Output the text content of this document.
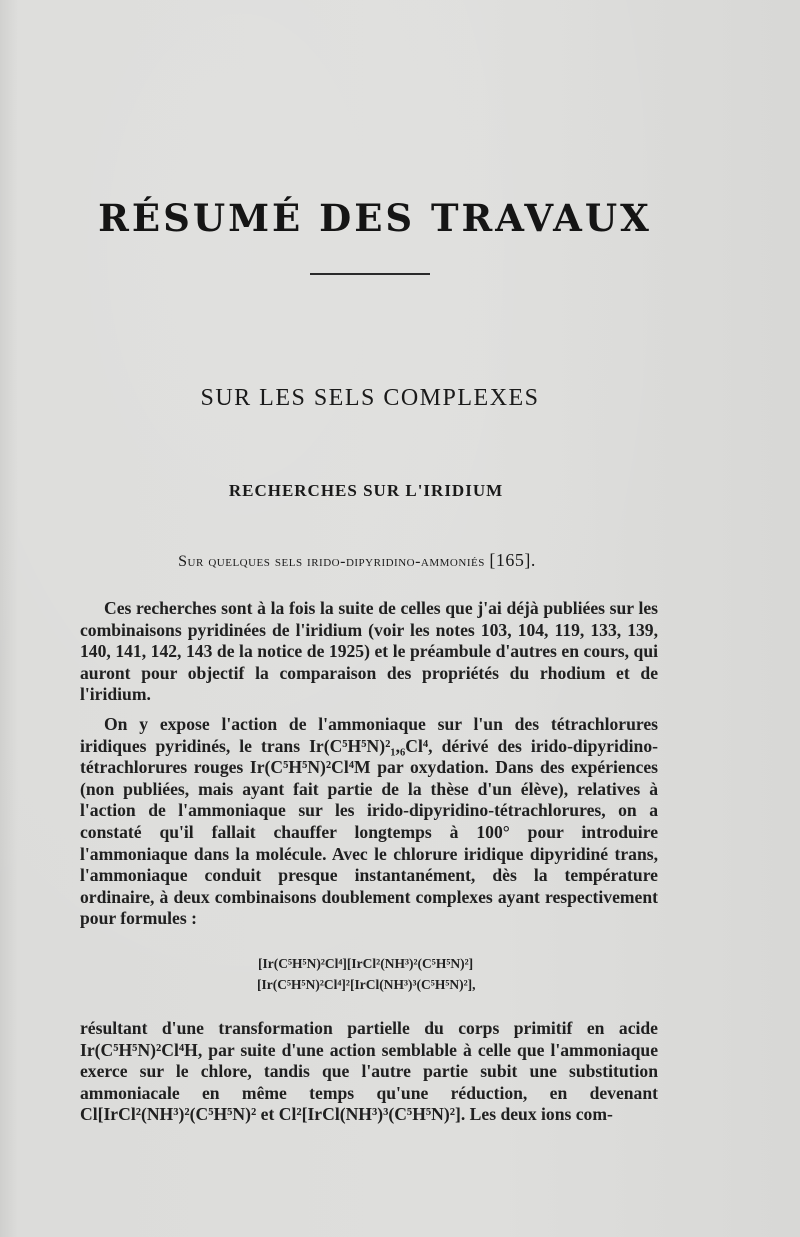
RÉSUMÉ DES TRAVAUX
SUR LES SELS COMPLEXES
RECHERCHES SUR L'IRIDIUM
Sur quelques sels irido-dipyridino-ammoniés [165].

Ces recherches sont à la fois la suite de celles que j'ai déjà publiées sur les combinaisons pyridinées de l'iridium (voir les notes 103, 104, 119, 133, 139, 140, 141, 142, 143 de la notice de 1925) et le préambule d'autres en cours, qui auront pour objectif la comparaison des propriétés du rhodium et de l'iridium.

On y expose l'action de l'ammoniaque sur l'un des tétrachlorures iridiques pyridinés, le trans Ir(C⁵H⁵N)²₁,₆Cl⁴, dérivé des irido-dipyridino-tétrachlorures rouges Ir(C⁵H⁵N)²Cl⁴M par oxydation. Dans des expériences (non publiées, mais ayant fait partie de la thèse d'un élève), relatives à l'action de l'ammoniaque sur les irido-dipyridino-tétrachlorures, on a constaté qu'il fallait chauffer longtemps à 100° pour introduire l'ammoniaque dans la molécule. Avec le chlorure iridique dipyridiné trans, l'ammoniaque conduit presque instantanément, dès la température ordinaire, à deux combinaisons doublement complexes ayant respectivement pour formules :

[Ir(C⁵H⁵N)²Cl⁴][IrCl²(NH³)²(C⁵H⁵N)²]
[Ir(C⁵H⁵N)²Cl⁴]²[IrCl(NH³)³(C⁵H⁵N)²],

résultant d'une transformation partielle du corps primitif en acide Ir(C⁵H⁵N)²Cl⁴H, par suite d'une action semblable à celle que l'ammoniaque exerce sur le chlore, tandis que l'autre partie subit une substitution ammoniacale en même temps qu'une réduction, en devenant Cl[IrCl²(NH³)²(C⁵H⁵N)² et Cl²[IrCl(NH³)³(C⁵H⁵N)²]. Les deux ions com-
